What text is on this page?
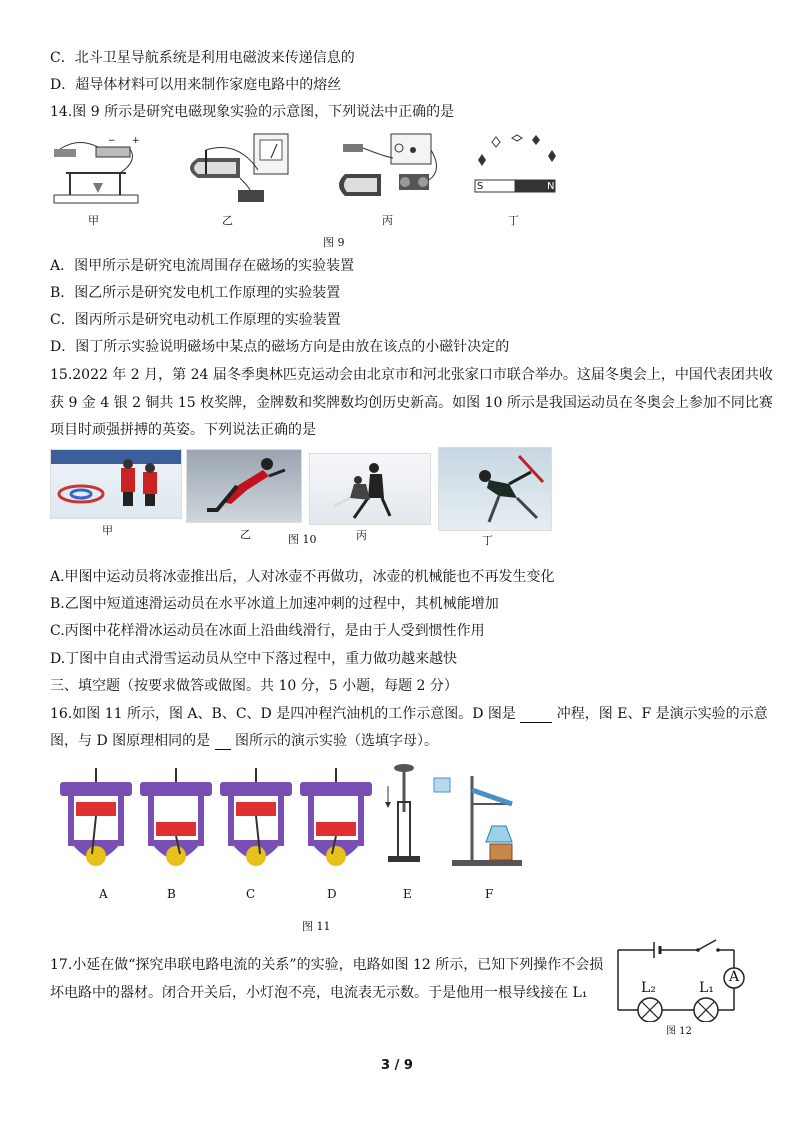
C．北斗卫星导航系统是利用电磁波来传递信息的
D．超导体材料可以用来制作家庭电路中的熔丝
14.图 9 所示是研究电磁现象实验的示意图，下列说法中正确的是
− +
甲	乙	丙
S	N
丁
图 9
A．图甲所示是研究电流周围存在磁场的实验装置
B．图乙所示是研究发电机工作原理的实验装置
C．图丙所示是研究电动机工作原理的实验装置
D．图丁所示实验说明磁场中某点的磁场方向是由放在该点的小磁针决定的
15.2022 年 2 月，第 24 届冬季奥林匹克运动会由北京市和河北张家口市联合举办。这届冬奥会上，中国代表团共收
获 9 金 4 银 2 铜共 15 枚奖牌，金牌数和奖牌数均创历史新高。如图 10 所示是我国运动员在冬奥会上参加不同比赛
项目时顽强拼搏的英姿。下列说法正确的是
甲	乙	丙	丁
图 10
A.甲图中运动员将冰壶推出后，人对冰壶不再做功，冰壶的机械能也不再发生变化
B.乙图中短道速滑运动员在水平冰道上加速冲刺的过程中，其机械能增加
C.丙图中花样滑冰运动员在冰面上沿曲线滑行，是由于人受到惯性作用
D.丁图中自由式滑雪运动员从空中下落过程中，重力做功越来越快
三、填空题（按要求做答或做图。共 10 分，5 小题，每题 2 分）
16.如图 11 所示，图 A、B、C、D 是四冲程汽油机的工作示意图。D 图是	冲程，图 E、F 是演示实验的示意
图，与 D 图原理相同的是 图所示的演示实验（选填字母）。
A	B	C	D	E	F
图 11
17.小延在做“探究串联电路电流的关系”的实验，电路如图 12 所示，已知下列操作不会损
坏电路中的器材。闭合开关后，小灯泡不亮，电流表无示数。于是他用一根导线接在 L₁
A
L₂	L₁
图 12
3 / 9
